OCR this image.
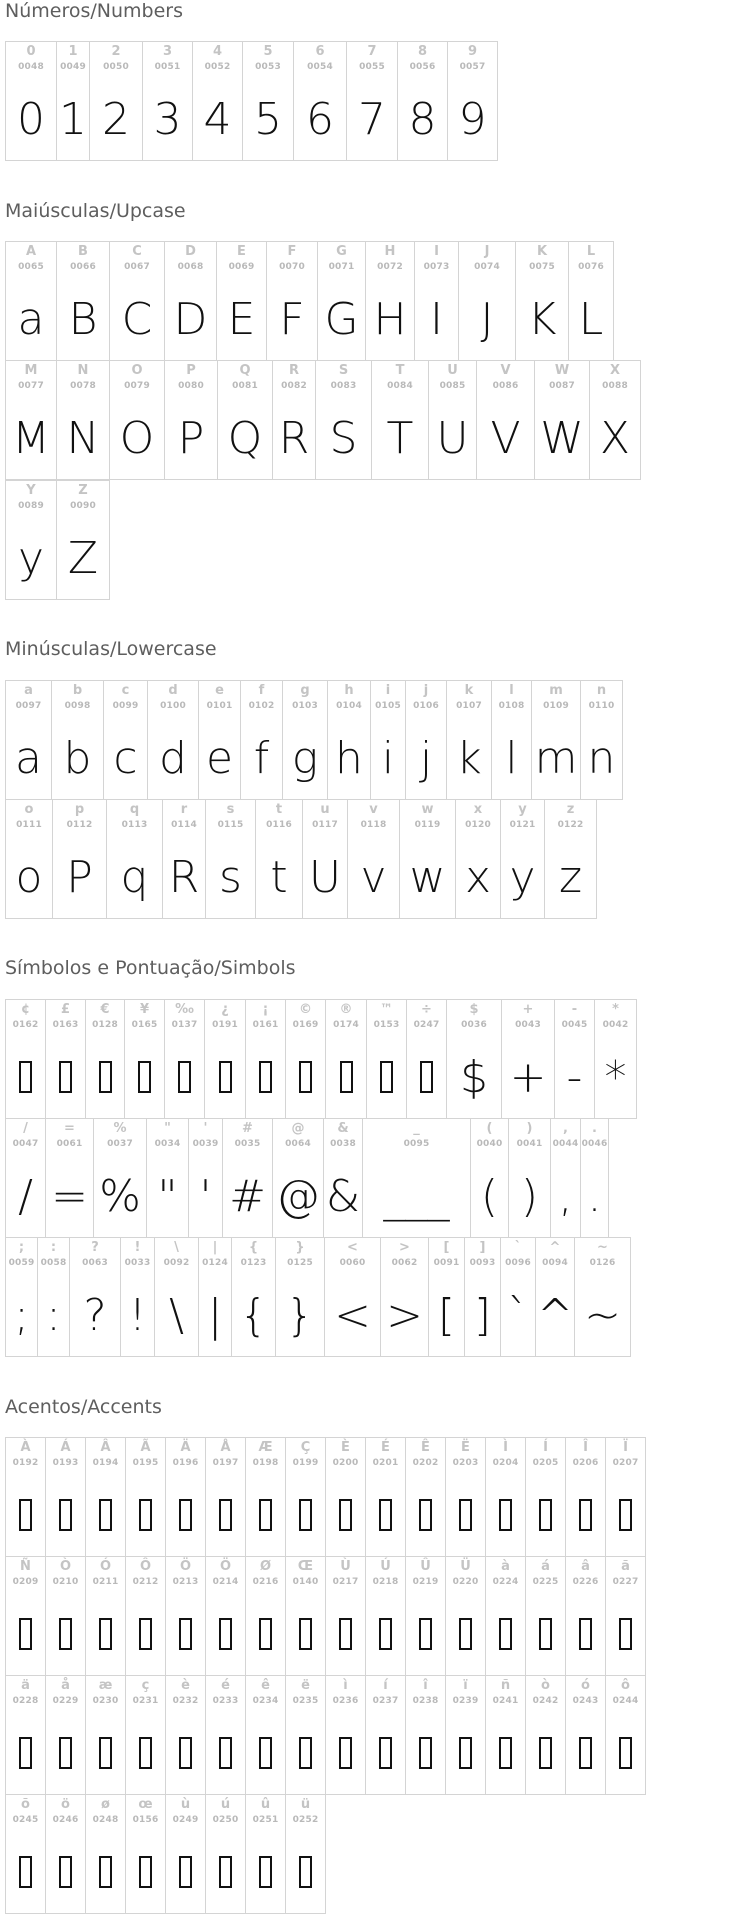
Números/Numbers
0
0048
0
1
0049
1
2
0050
2
3
0051
3
4
0052
4
5
0053
5
6
0054
6
7
0055
7
8
0056
8
9
0057
9
Maiúsculas/Upcase
A
0065
a
B
0066
B
C
0067
C
D
0068
D
E
0069
E
F
0070
F
G
0071
G
H
0072
H
I
0073
I
J
0074
J
K
0075
K
L
0076
L
M
0077
M
N
0078
N
O
0079
O
P
0080
P
Q
0081
Q
R
0082
R
S
0083
S
T
0084
T
U
0085
U
V
0086
V
W
0087
W
X
0088
X
Y
0089
y
Z
0090
Z
Minúsculas/Lowercase
a
0097
a
b
0098
b
c
0099
c
d
0100
d
e
0101
e
f
0102
f
g
0103
g
h
0104
h
i
0105
i
j
0106
j
k
0107
k
l
0108
l
m
0109
m
n
0110
n
o
0111
o
p
0112
P
q
0113
q
r
0114
R
s
0115
s
t
0116
t
u
0117
U
v
0118
v
w
0119
w
x
0120
x
y
0121
y
z
0122
z
Símbolos e Pontuação/Simbols
¢
0162
£
0163
€
0128
¥
0165
‰
0137
¿
0191
¡
0161
©
0169
®
0174
™
0153
÷
0247
$
0036
$
+
0043
+
-
0045
-
*
0042
*
/
0047
/
=
0061
=
%
0037
%
"
0034
"
'
0039
'
#
0035
#
@
0064
@
&
0038
&
_
0095
___
(
0040
(
)
0041
)
,
0044
,
.
0046
.
;
0059
;
:
0058
:
?
0063
?
!
0033
!
\
0092
\
|
0124
|
{
0123
{
}
0125
}
<
0060
<
>
0062
>
[
0091
[
]
0093
]
`
0096
`
^
0094
^
~
0126
~
Acentos/Accents
À
0192
Á
0193
Â
0194
Ã
0195
Ä
0196
Å
0197
Æ
0198
Ç
0199
È
0200
É
0201
Ê
0202
Ë
0203
Ì
0204
Í
0205
Î
0206
Ï
0207
Ñ
0209
Ò
0210
Ó
0211
Ô
0212
Ö
0213
Ö
0214
Ø
0216
Œ
0140
Ù
0217
Ú
0218
Û
0219
Ü
0220
à
0224
á
0225
â
0226
ã
0227
ä
0228
å
0229
æ
0230
ç
0231
è
0232
é
0233
ê
0234
ë
0235
ì
0236
í
0237
î
0238
ï
0239
ñ
0241
ò
0242
ó
0243
ô
0244
õ
0245
ö
0246
ø
0248
œ
0156
ù
0249
ú
0250
û
0251
ü
0252
